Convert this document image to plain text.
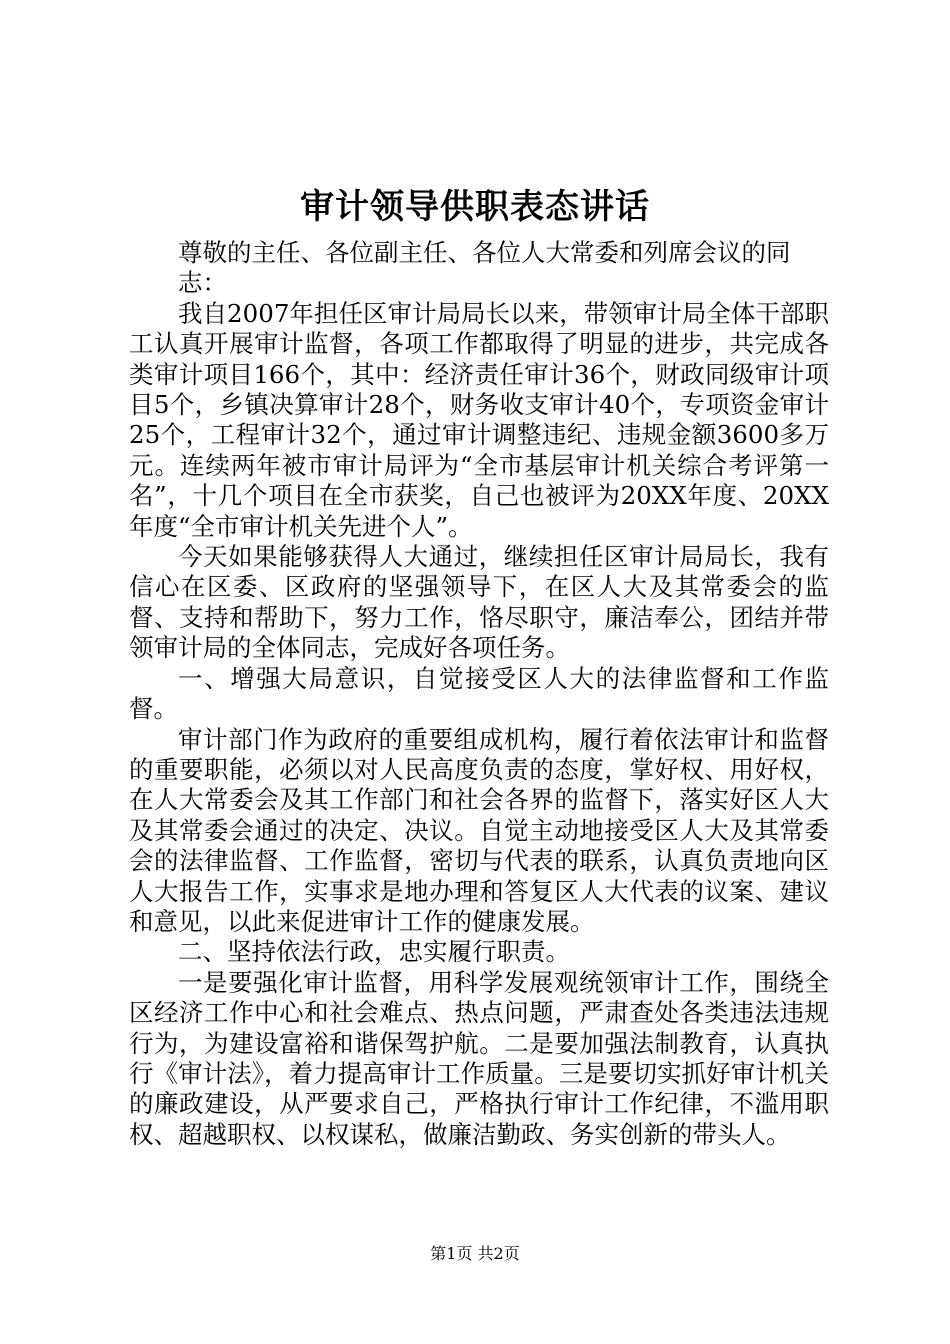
审计领导供职表态讲话

尊敬的主任、各位副主任、各位人大常委和列席会议的同志：

我自2007年担任区审计局局长以来，带领审计局全体干部职工认真开展审计监督，各项工作都取得了明显的进步，共完成各类审计项目166个，其中：经济责任审计36个，财政同级审计项目5个，乡镇决算审计28个，财务收支审计40个，专项资金审计25个，工程审计32个，通过审计调整违纪、违规金额3600多万元。连续两年被市审计局评为“全市基层审计机关综合考评第一名”，十几个项目在全市获奖，自己也被评为20XX年度、20XX年度“全市审计机关先进个人”。

今天如果能够获得人大通过，继续担任区审计局局长，我有信心在区委、区政府的坚强领导下，在区人大及其常委会的监督、支持和帮助下，努力工作，恪尽职守，廉洁奉公，团结并带领审计局的全体同志，完成好各项任务。

一、增强大局意识，自觉接受区人大的法律监督和工作监督。

审计部门作为政府的重要组成机构，履行着依法审计和监督的重要职能，必须以对人民高度负责的态度，掌好权、用好权，在人大常委会及其工作部门和社会各界的监督下，落实好区人大及其常委会通过的决定、决议。自觉主动地接受区人大及其常委会的法律监督、工作监督，密切与代表的联系，认真负责地向区人大报告工作，实事求是地办理和答复区人大代表的议案、建议和意见，以此来促进审计工作的健康发展。

二、坚持依法行政，忠实履行职责。

一是要强化审计监督，用科学发展观统领审计工作，围绕全区经济工作中心和社会难点、热点问题，严肃查处各类违法违规行为，为建设富裕和谐保驾护航。二是要加强法制教育，认真执行《审计法》，着力提高审计工作质量。三是要切实抓好审计机关的廉政建设，从严要求自己，严格执行审计工作纪律，不滥用职权、超越职权、以权谋私，做廉洁勤政、务实创新的带头人。

第1页 共2页
